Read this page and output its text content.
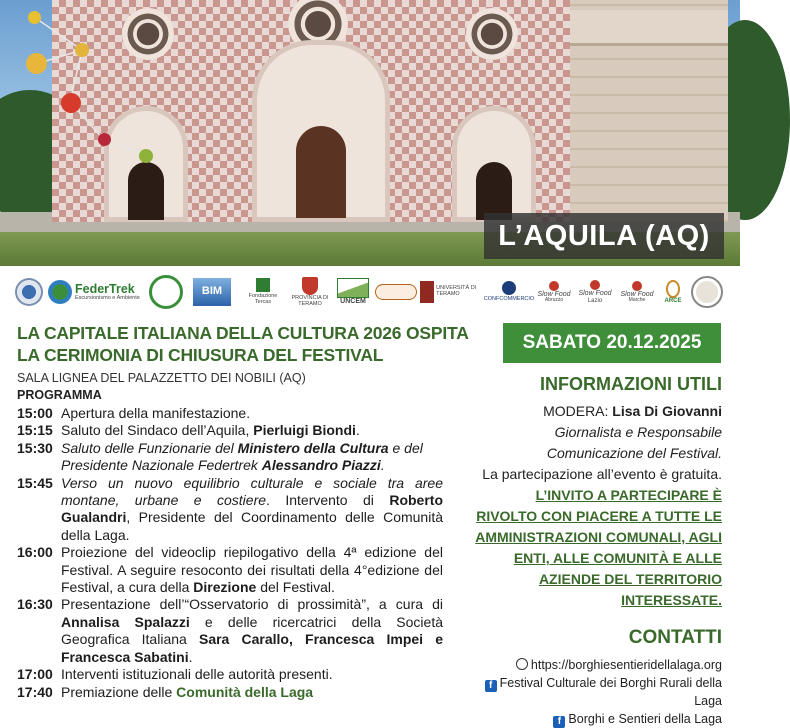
L’AQUILA (AQ)
FederTrek
Escursionismo e Ambiente
BIM	Fondazione Tercas
PROVINCIA DI TERAMO	UNCEM
UNIVERSITÀ DI TERAMO
CONFCOMMERCIO
Slow Food
Abruzzo
Slow Food
Lazio
Slow Food
Marche	ARCE
LA CAPITALE ITALIANA DELLA CULTURA 2026 OSPITA
LA CERIMONIA DI CHIUSURA DEL FESTIVAL
SALA LIGNEA DEL PALAZZETTO DEI NOBILI (AQ)
PROGRAMMA
15:00 Apertura della manifestazione.
15:15 Saluto del Sindaco dell’Aquila, Pierluigi Biondi.
15:30 Saluto delle Funzionarie del Ministero della Cultura e del Presidente Nazionale Federtrek Alessandro Piazzi.
15:45 Verso un nuovo equilibrio culturale e sociale tra aree montane, urbane e costiere. Intervento di Roberto Gualandri, Presidente del Coordinamento delle Comunità della Laga.
16:00 Proiezione del videoclip riepilogativo della 4ª edizione del Festival. A seguire resoconto dei risultati della 4°edizione del Festival, a cura della Direzione del Festival.
16:30 Presentazione dell’“Osservatorio di prossimità”, a cura di Annalisa Spalazzi e delle ricercatrici della Società Geografica Italiana Sara Carallo, Francesca Impei e Francesca Sabatini.
17:00 Interventi istituzionali delle autorità presenti.
17:40 Premiazione delle Comunità della Laga
SABATO 20.12.2025
INFORMAZIONI UTILI
MODERA: Lisa Di Giovanni
Giornalista e Responsabile
Comunicazione del Festival.
La partecipazione all’evento è gratuita.
L’INVITO A PARTECIPARE È
RIVOLTO CON PIACERE A TUTTE LE
AMMINISTRAZIONI COMUNALI, AGLI
ENTI, ALLE COMUNITÀ E ALLE
AZIENDE DEL TERRITORIO
INTERESSATE.
CONTATTI
https://borghiesentieridellalaga.org
f Festival Culturale dei Borghi Rurali della Laga
f Borghi e Sentieri della Laga
